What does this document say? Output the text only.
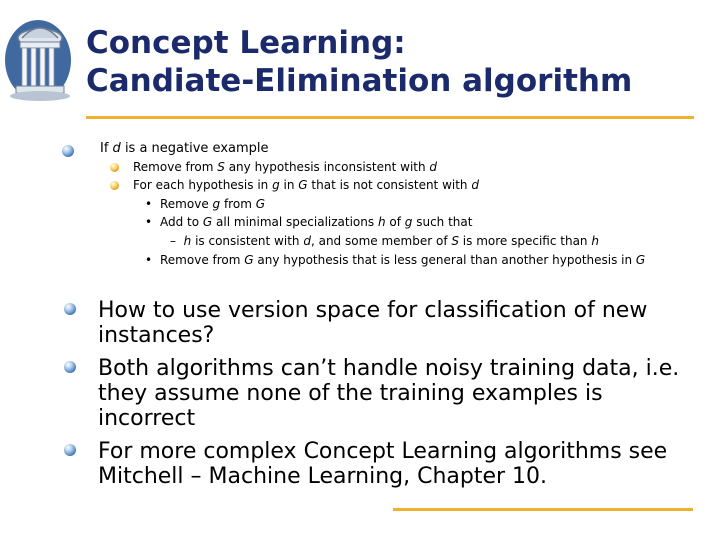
Concept Learning:
Candiate-Elimination algorithm
If d is a negative example
Remove from S any hypothesis inconsistent with d
For each hypothesis in g in G that is not consistent with d
• Remove g from G
• Add to G all minimal specializations h of g such that
– h is consistent with d, and some member of S is more specific than h
• Remove from G any hypothesis that is less general than another hypothesis in G
How to use version space for classification of new
instances?
Both algorithms can’t handle noisy training data, i.e.
they assume none of the training examples is
incorrect
For more complex Concept Learning algorithms see
Mitchell – Machine Learning, Chapter 10.
